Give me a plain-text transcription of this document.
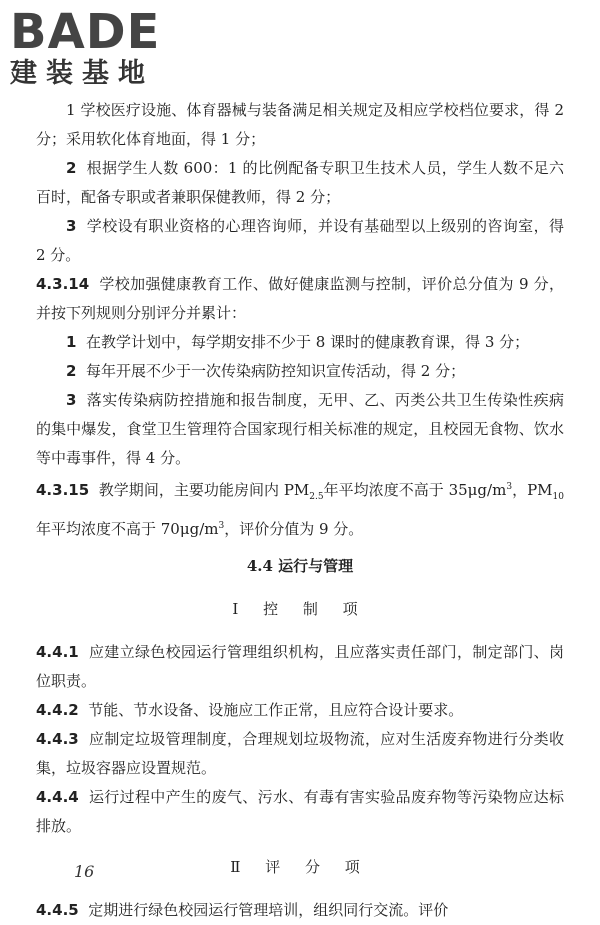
BADE
建装基地

1 学校医疗设施、体育器械与装备满足相关规定及相应学校档位要求，得 2 分；采用软化体育地面，得 1 分；

2 根据学生人数 600：1 的比例配备专职卫生技术人员，学生人数不足六百时，配备专职或者兼职保健教师，得 2 分；

3 学校设有职业资格的心理咨询师，并设有基础型以上级别的咨询室，得 2 分。

4.3.14 学校加强健康教育工作、做好健康监测与控制，评价总分值为 9 分，并按下列规则分别评分并累计：

1 在教学计划中，每学期安排不少于 8 课时的健康教育课，得 3 分；

2 每年开展不少于一次传染病防控知识宣传活动，得 2 分；

3 落实传染病防控措施和报告制度，无甲、乙、丙类公共卫生传染性疾病的集中爆发，食堂卫生管理符合国家现行相关标准的规定，且校园无食物、饮水等中毒事件，得 4 分。

4.3.15 教学期间，主要功能房间内 $PM_{2.5}$年平均浓度不高于 $35\mu g/m^3$，$PM_{10}$年平均浓度不高于 $70\mu g/m^3$，评价分值为 9 分。

4.4 运行与管理
Ⅰ 控 制 项

4.4.1 应建立绿色校园运行管理组织机构，且应落实责任部门，制定部门、岗位职责。

4.4.2 节能、节水设备、设施应工作正常，且应符合设计要求。

4.4.3 应制定垃圾管理制度，合理规划垃圾物流，应对生活废弃物进行分类收集，垃圾容器应设置规范。

4.4.4 运行过程中产生的废气、污水、有毒有害实验品废弃物等污染物应达标排放。

Ⅱ 评 分 项

4.4.5 定期进行绿色校园运行管理培训，组织同行交流。评价

16
